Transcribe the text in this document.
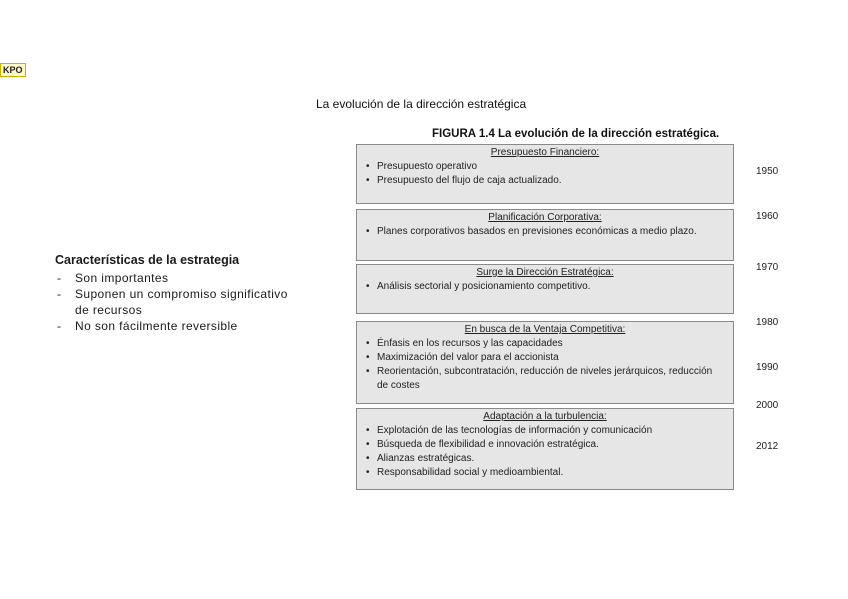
KPO
La evolución de la dirección estratégica
Características de la estrategia
- Son importantes
- Suponen un compromiso significativo de recursos
- No son fácilmente reversible
FIGURA 1.4 La evolución de la dirección estratégica.
Presupuesto Financiero:
• Presupuesto operativo
• Presupuesto del flujo de caja actualizado.
Planificación Corporativa:
• Planes corporativos basados en previsiones económicas a medio plazo.
Surge la Dirección Estratégica:
• Análisis sectorial y posicionamiento competitivo.
En busca de la Ventaja Competitiva:
• Énfasis en los recursos y las capacidades
• Maximización del valor para el accionista
• Reorientación, subcontratación, reducción de niveles jerárquicos, reducción de costes
Adaptación a la turbulencia:
• Explotación de las tecnologías de información y comunicación
• Búsqueda de flexibilidad e innovación estratégica.
• Alianzas estratégicas.
• Responsabilidad social y medioambiental.
1950
1960
1970
1980
1990
2000
2012
